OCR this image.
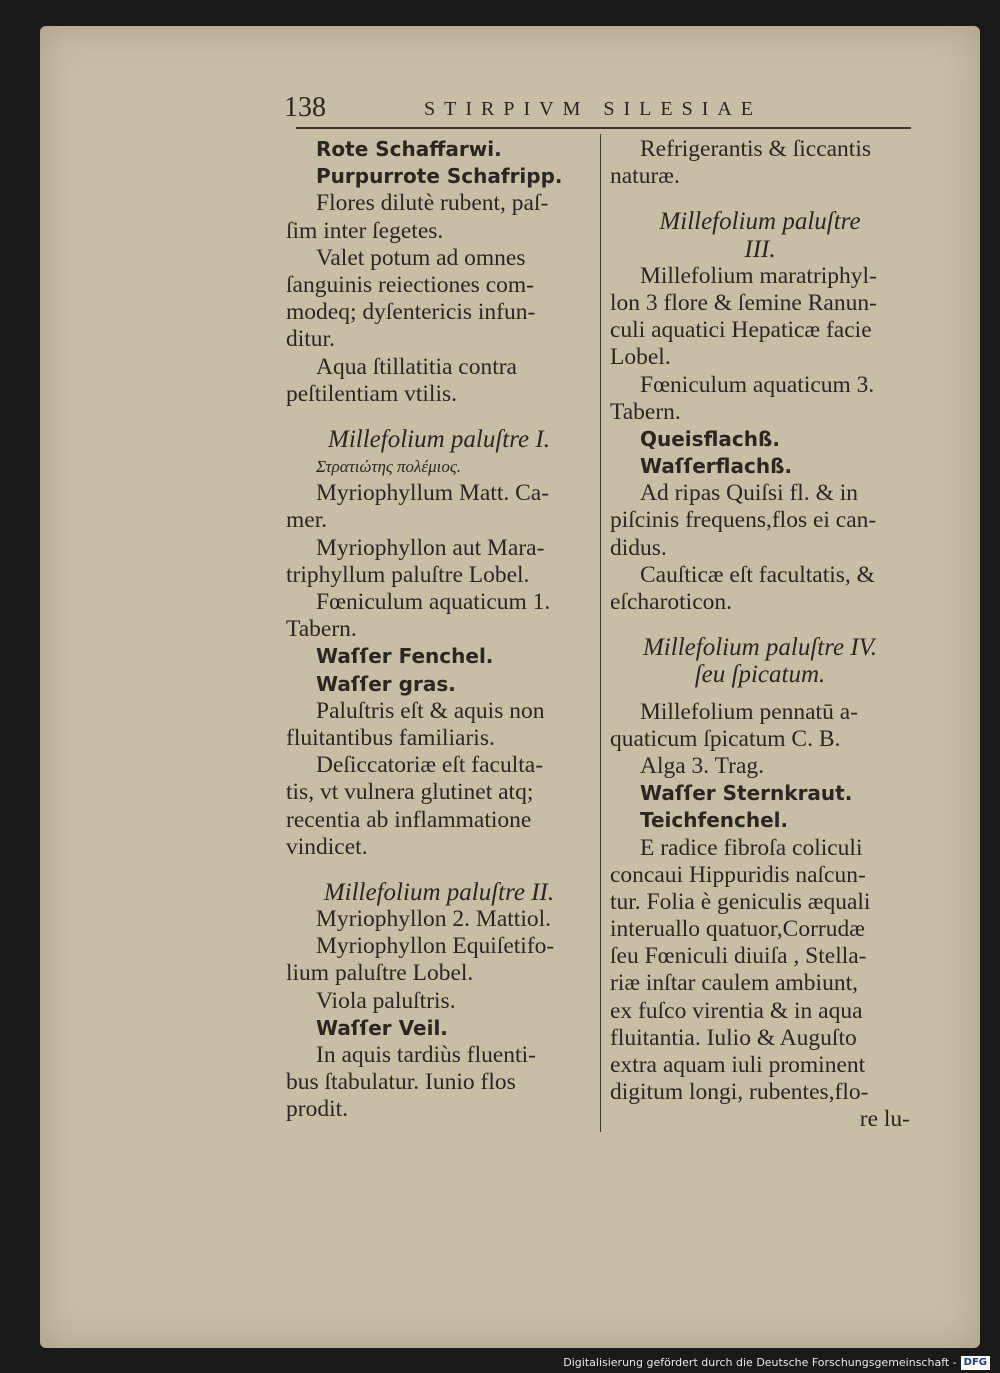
138	STIRPIVM SILESIAE
Rote Schaffarwi.
Purpurrote Schafripp.
Flores dilutè rubent, paſ-
ſim inter ſegetes.
Valet potum ad omnes
ſanguinis reiectiones com-
modeq; dyſentericis infun-
ditur.
Aqua ſtillatitia contra
peſtilentiam vtilis.
Millefolium paluſtre I.
Στρατιώτης πολέμιος.
Myriophyllum Matt. Ca-
mer.
Myriophyllon aut Mara-
triphyllum paluſtre Lobel.
Fœniculum aquaticum 1.
Tabern.
Waſſer Fenchel.
Waſſer gras.
Paluſtris eſt & aquis non
fluitantibus familiaris.
Deſiccatoriæ eſt faculta-
tis, vt vulnera glutinet atq;
recentia ab inflammatione
vindicet.
Millefolium paluſtre II.
Myriophyllon 2. Mattiol.
Myriophyllon Equiſetifo-
lium paluſtre Lobel.
Viola paluſtris.
Waſſer Veil.
In aquis tardiùs fluenti-
bus ſtabulatur. Iunio flos
prodit.
Refrigerantis & ſiccantis
naturæ.
Millefolium paluſtre
III.
Millefolium maratriphyl-
lon 3 flore & ſemine Ranun-
culi aquatici Hepaticæ facie
Lobel.
Fœniculum aquaticum 3.
Tabern.
Queisflachß.
Waſſerflachß.
Ad ripas Quiſsi fl. & in
piſcinis frequens,flos ei can-
didus.
Cauſticæ eſt facultatis, &
eſcharoticon.
Millefolium paluſtre IV.
ſeu ſpicatum.
Millefolium pennatū a-
quaticum ſpicatum C. B.
Alga 3. Trag.
Waſſer Sternkraut.
Teichfenchel.
E radice fibroſa coliculi
concaui Hippuridis naſcun-
tur. Folia è geniculis æquali
interuallo quatuor,Corrudæ
ſeu Fœniculi diuiſa , Stella-
riæ inſtar caulem ambiunt,
ex fuſco virentia & in aqua
fluitantia. Iulio & Auguſto
extra aquam iuli prominent
digitum longi, rubentes,flo-
re lu-
Digitalisierung gefördert durch die Deutsche Forschungsgemeinschaft - DFG
